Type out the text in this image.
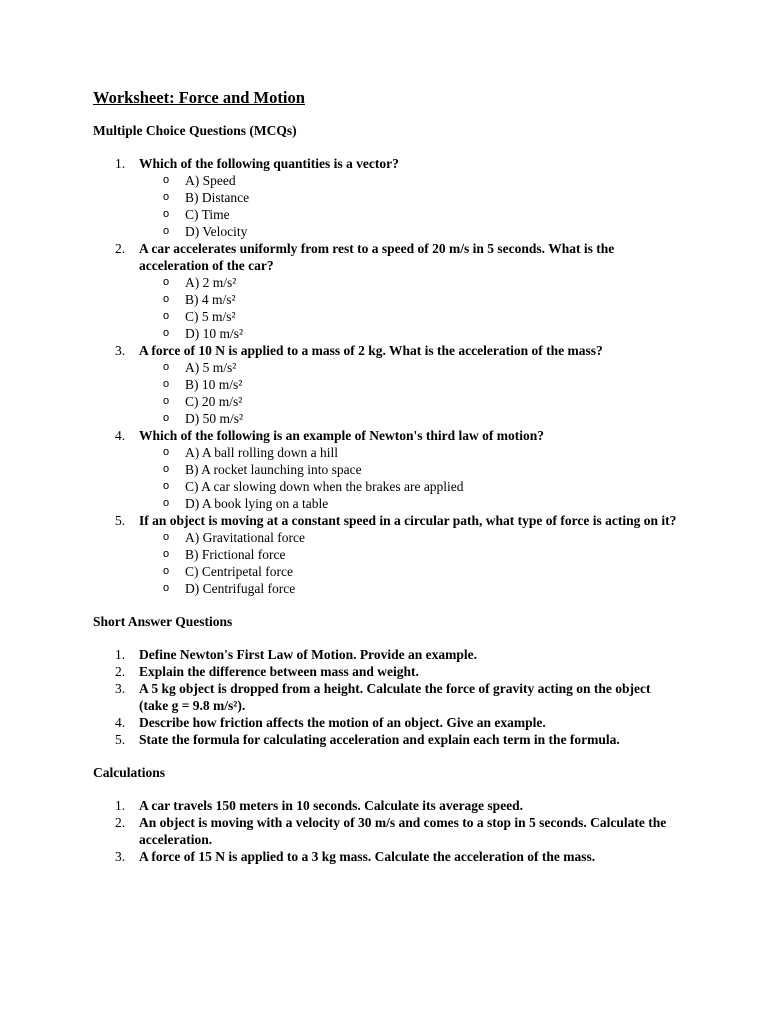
Worksheet: Force and Motion
Multiple Choice Questions (MCQs)
1. Which of the following quantities is a vector?
o A) Speed
o B) Distance
o C) Time
o D) Velocity
2. A car accelerates uniformly from rest to a speed of 20 m/s in 5 seconds. What is the acceleration of the car?
o A) 2 m/s²
o B) 4 m/s²
o C) 5 m/s²
o D) 10 m/s²
3. A force of 10 N is applied to a mass of 2 kg. What is the acceleration of the mass?
o A) 5 m/s²
o B) 10 m/s²
o C) 20 m/s²
o D) 50 m/s²
4. Which of the following is an example of Newton's third law of motion?
o A) A ball rolling down a hill
o B) A rocket launching into space
o C) A car slowing down when the brakes are applied
o D) A book lying on a table
5. If an object is moving at a constant speed in a circular path, what type of force is acting on it?
o A) Gravitational force
o B) Frictional force
o C) Centripetal force
o D) Centrifugal force
Short Answer Questions
1. Define Newton's First Law of Motion. Provide an example.
2. Explain the difference between mass and weight.
3. A 5 kg object is dropped from a height. Calculate the force of gravity acting on the object (take g = 9.8 m/s²).
4. Describe how friction affects the motion of an object. Give an example.
5. State the formula for calculating acceleration and explain each term in the formula.
Calculations
1. A car travels 150 meters in 10 seconds. Calculate its average speed.
2. An object is moving with a velocity of 30 m/s and comes to a stop in 5 seconds. Calculate the acceleration.
3. A force of 15 N is applied to a 3 kg mass. Calculate the acceleration of the mass.
